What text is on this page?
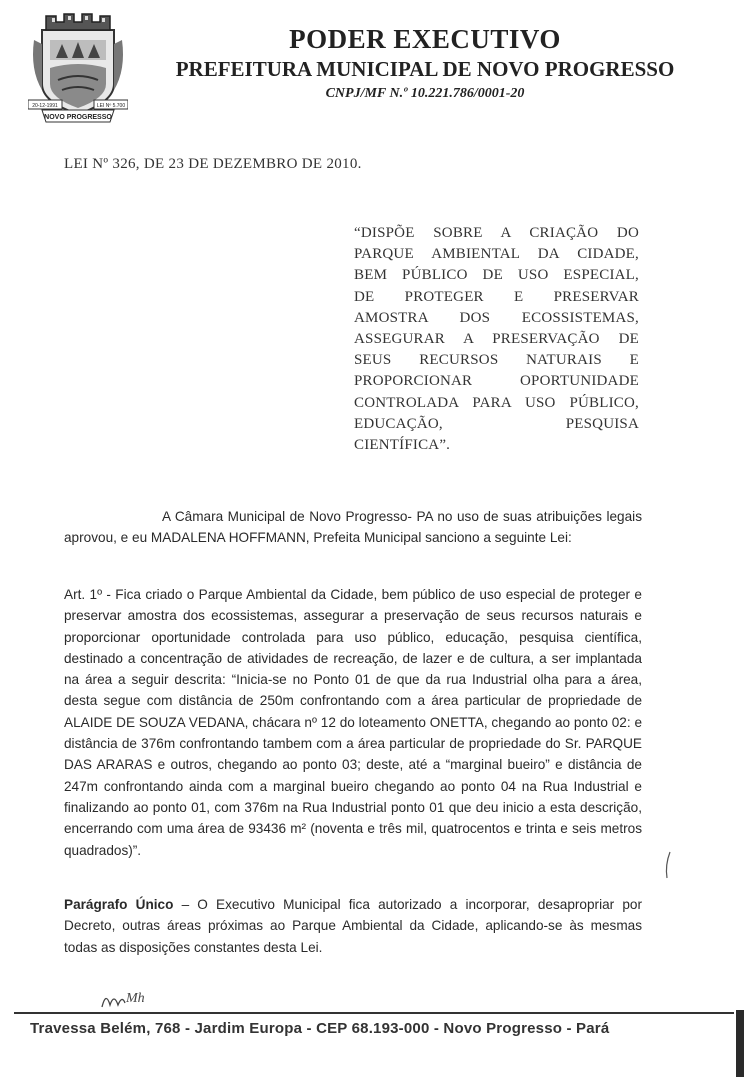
20-12-1991	LEI Nº 5.700
NOVO PROGRESSO
PODER EXECUTIVO
PREFEITURA MUNICIPAL DE NOVO PROGRESSO
CNPJ/MF N.º 10.221.786/0001-20
LEI Nº 326, DE 23 DE DEZEMBRO DE 2010.
“DISPÕE SOBRE A CRIAÇÃO DO
PARQUE AMBIENTAL DA CIDADE,
BEM PÚBLICO DE USO ESPECIAL,
DE PROTEGER E PRESERVAR
AMOSTRA DOS ECOSSISTEMAS,
ASSEGURAR A PRESERVAÇÃO DE
SEUS RECURSOS NATURAIS E
PROPORCIONAR OPORTUNIDADE
CONTROLADA PARA USO PÚBLICO,
EDUCAÇÃO, PESQUISA
CIENTÍFICA”.
A Câmara Municipal de Novo Progresso- PA no uso de suas atribuições legais aprovou, e eu MADALENA HOFFMANN, Prefeita Municipal sanciono a seguinte Lei:
Art. 1º - Fica criado o Parque Ambiental da Cidade, bem público de uso especial de proteger e preservar amostra dos ecossistemas, assegurar a preservação de seus recursos naturais e proporcionar oportunidade controlada para uso público, educação, pesquisa científica, destinado a concentração de atividades de recreação, de lazer e de cultura, a ser implantada na área a seguir descrita: “Inicia-se no Ponto 01 de que da rua Industrial olha para a área, desta segue com distância de 250m confrontando com a área particular de propriedade de ALAIDE DE SOUZA VEDANA, chácara nº 12 do loteamento ONETTA, chegando ao ponto 02: e distância de 376m confrontando tambem com a área particular de propriedade do Sr. PARQUE DAS ARARAS e outros, chegando ao ponto 03; deste, até a “marginal bueiro” e distância de 247m confrontando ainda com a marginal bueiro chegando ao ponto 04 na Rua Industrial e finalizando ao ponto 01, com 376m na Rua Industrial ponto 01 que deu inicio a esta descrição, encerrando com uma área de 93436 m² (noventa e três mil, quatrocentos e trinta e seis metros quadrados)”.
Parágrafo Único – O Executivo Municipal fica autorizado a incorporar, desapropriar por Decreto, outras áreas próximas ao Parque Ambiental da Cidade, aplicando-se às mesmas todas as disposições constantes desta Lei.
Mh
Travessa Belém, 768 - Jardim Europa - CEP 68.193-000 - Novo Progresso - Pará
